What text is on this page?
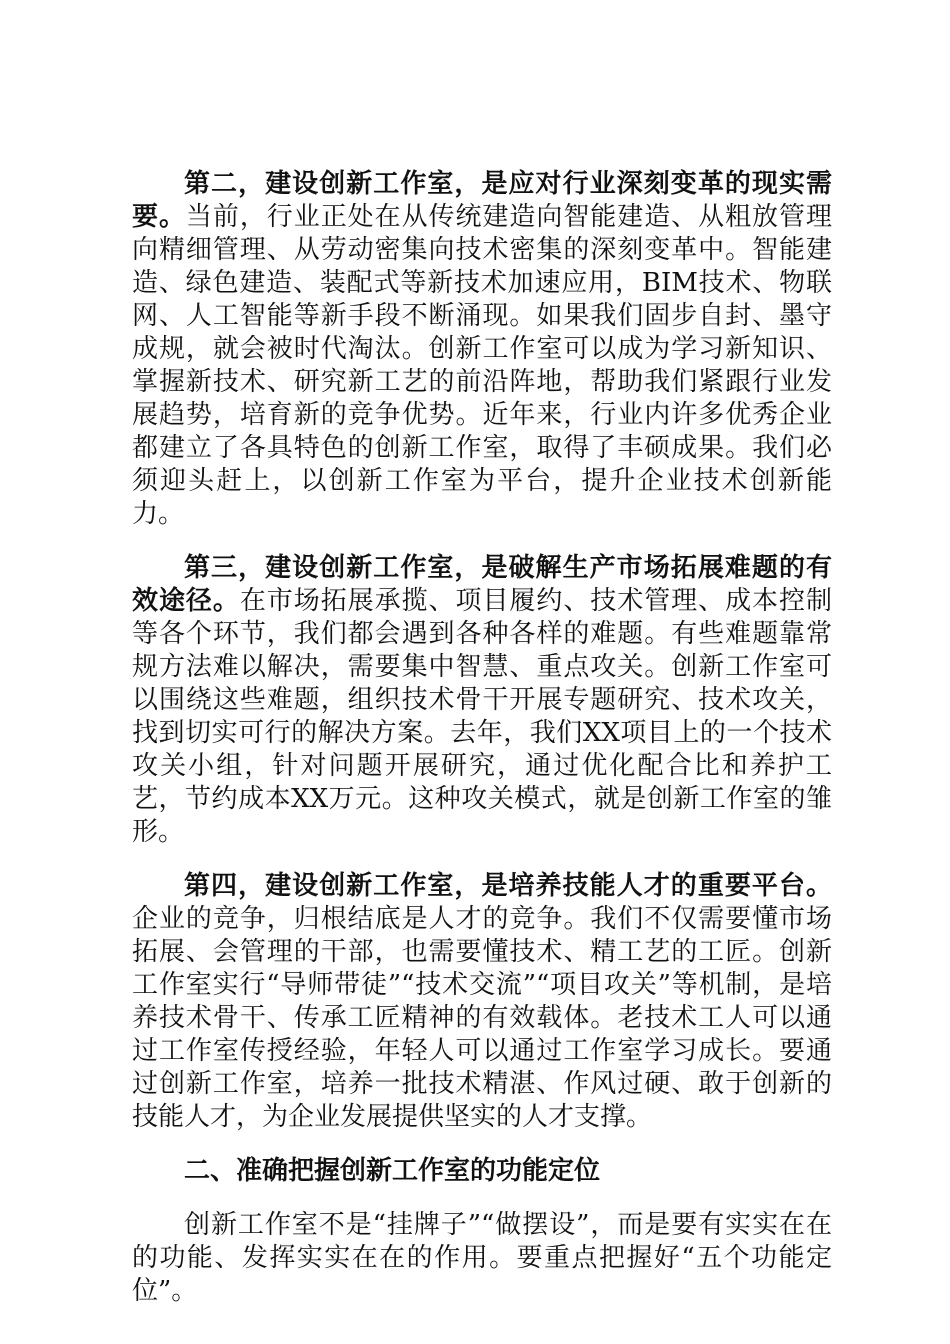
第二，建设创新工作室，是应对行业深刻变革的现实需要。当前，行业正处在从传统建造向智能建造、从粗放管理向精细管理、从劳动密集向技术密集的深刻变革中。智能建造、绿色建造、装配式等新技术加速应用，BIM技术、物联网、人工智能等新手段不断涌现。如果我们固步自封、墨守成规，就会被时代淘汰。创新工作室可以成为学习新知识、掌握新技术、研究新工艺的前沿阵地，帮助我们紧跟行业发展趋势，培育新的竞争优势。近年来，行业内许多优秀企业都建立了各具特色的创新工作室，取得了丰硕成果。我们必须迎头赶上，以创新工作室为平台，提升企业技术创新能力。

第三，建设创新工作室，是破解生产市场拓展难题的有效途径。在市场拓展承揽、项目履约、技术管理、成本控制等各个环节，我们都会遇到各种各样的难题。有些难题靠常规方法难以解决，需要集中智慧、重点攻关。创新工作室可以围绕这些难题，组织技术骨干开展专题研究、技术攻关，找到切实可行的解决方案。去年，我们XX项目上的一个技术攻关小组，针对问题开展研究，通过优化配合比和养护工艺，节约成本XX万元。这种攻关模式，就是创新工作室的雏形。

第四，建设创新工作室，是培养技能人才的重要平台。企业的竞争，归根结底是人才的竞争。我们不仅需要懂市场拓展、会管理的干部，也需要懂技术、精工艺的工匠。创新工作室实行“导师带徒”“技术交流”“项目攻关”等机制，是培养技术骨干、传承工匠精神的有效载体。老技术工人可以通过工作室传授经验，年轻人可以通过工作室学习成长。要通过创新工作室，培养一批技术精湛、作风过硬、敢于创新的技能人才，为企业发展提供坚实的人才支撑。

二、准确把握创新工作室的功能定位

创新工作室不是“挂牌子”“做摆设”，而是要有实实在在的功能、发挥实实在在的作用。要重点把握好“五个功能定位”。
